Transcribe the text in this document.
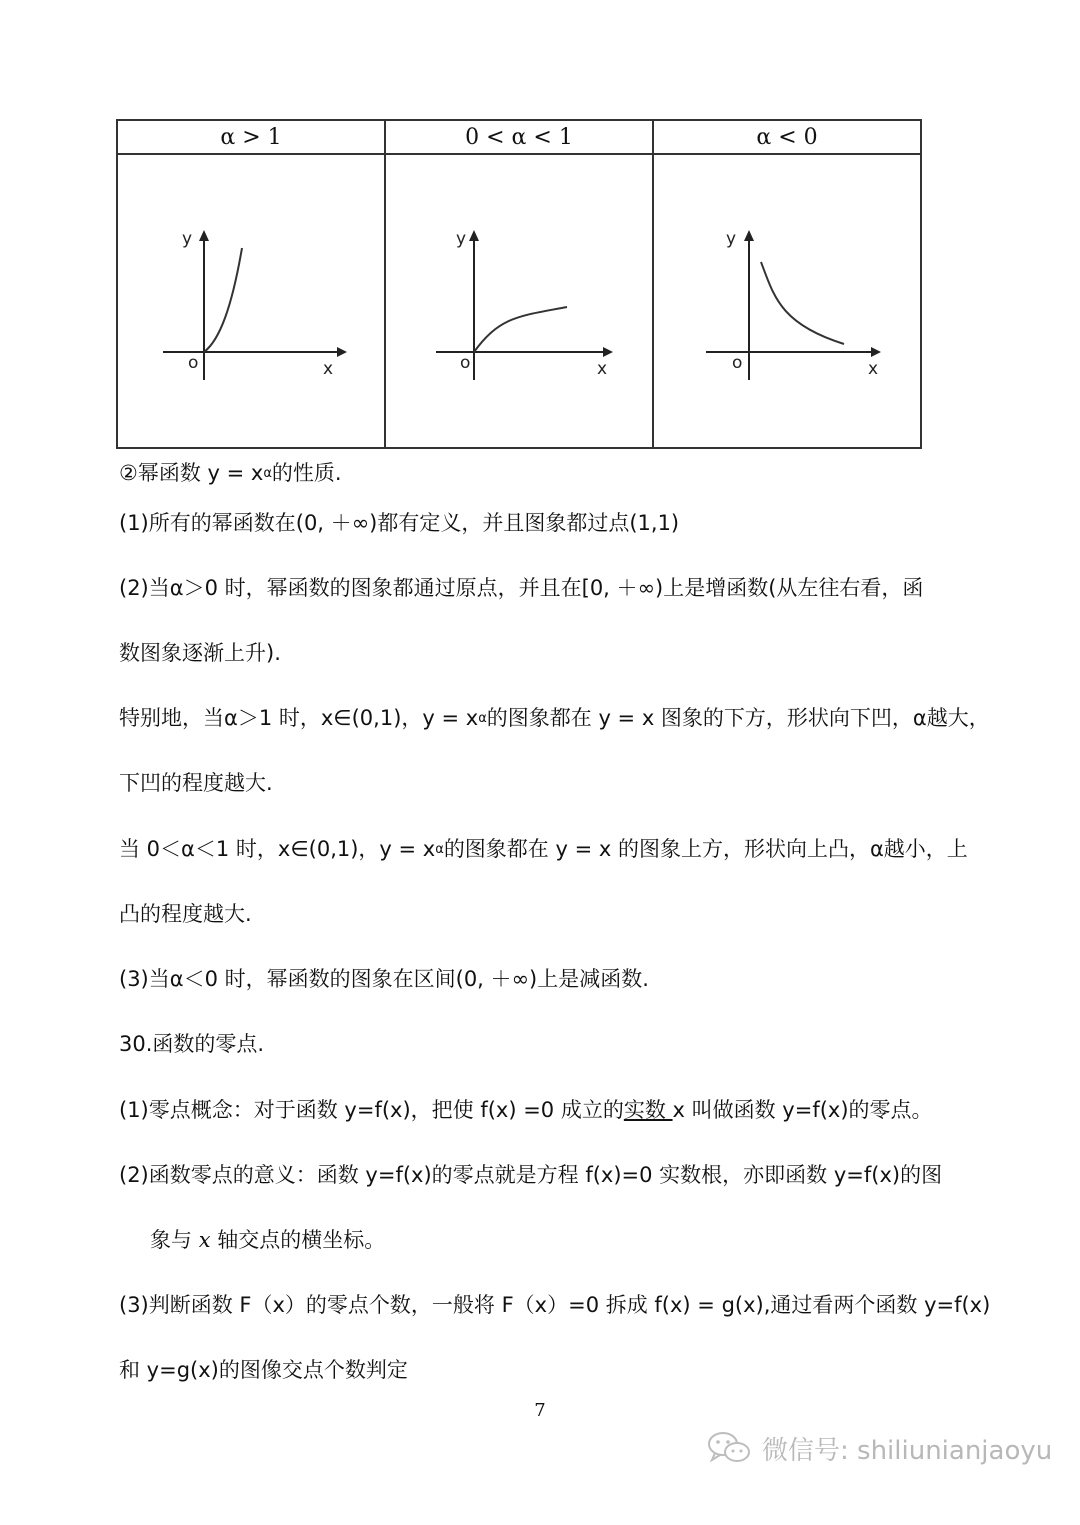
α > 1	0 < α < 1	α < 0

y
x
o	y
x
o	y
x
o
②幂函数 $y = x^\alpha$的性质.
(1)所有的幂函数在(0, ＋∞)都有定义，并且图象都过点(1,1)
(2)当α＞0 时，幂函数的图象都通过原点，并且在[0, ＋∞)上是增函数(从左往右看，函
数图象逐渐上升).
特别地，当α＞1 时，x∈(0,1)，$y = x^\alpha$的图象都在 y = x 图象的下方，形状向下凹，α越大，
下凹的程度越大.
当 0＜α＜1 时，x∈(0,1)，$y = x^\alpha$的图象都在 y = x 的图象上方，形状向上凸，α越小，上
凸的程度越大.
(3)当α＜0 时，幂函数的图象在区间(0, ＋∞)上是减函数.
30.函数的零点.
(1)零点概念：对于函数 y=f(x)，把使 f(x) =0 成立的实数 x 叫做函数 y=f(x)的零点。
(2)函数零点的意义：函数 y=f(x)的零点就是方程 f(x)=0 实数根，亦即函数 y=f(x)的图
象与 x 轴交点的横坐标。
(3)判断函数 F（x）的零点个数，一般将 F（x）=0 拆成 f(x) = g(x),通过看两个函数 y=f(x)
和 y=g(x)的图像交点个数判定
7
微信号: shiliunianjaoyu
